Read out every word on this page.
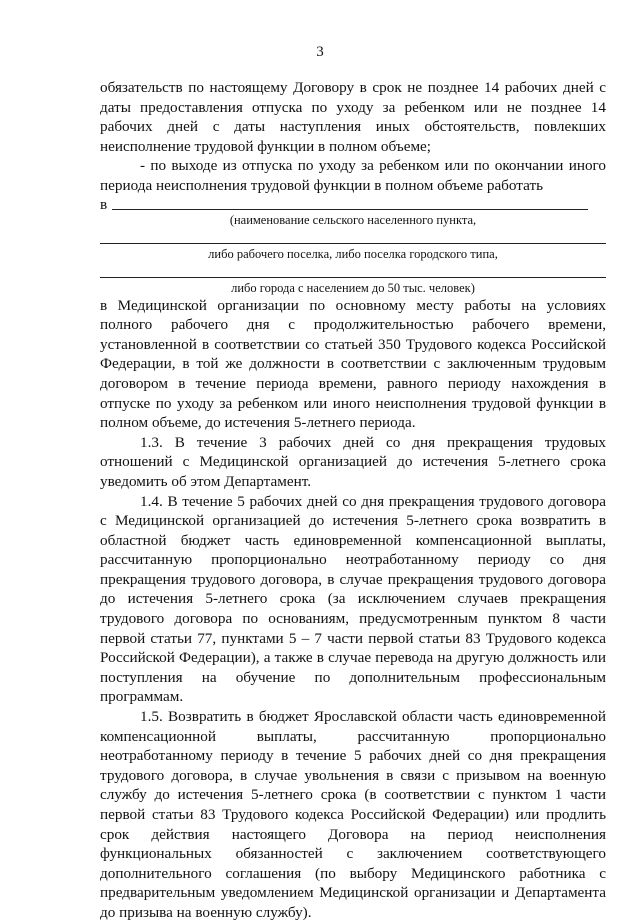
3

обязательств по настоящему Договору в срок не позднее 14 рабочих дней с даты предоставления отпуска по уходу за ребенком или не позднее 14 рабочих дней с даты наступления иных обстоятельств, повлекших неисполнение трудовой функции в полном объеме;

- по выходе из отпуска по уходу за ребенком или по окончании иного периода неисполнения трудовой функции в полном объеме работать

в
(наименование сельского населенного пункта,
либо рабочего поселка, либо поселка городского типа,
либо города с населением до 50 тыс. человек)

в Медицинской организации по основному месту работы на условиях полного рабочего дня с продолжительностью рабочего времени, установленной в соответствии со статьей 350 Трудового кодекса Российской Федерации, в той же должности в соответствии с заключенным трудовым договором в течение периода времени, равного периоду нахождения в отпуске по уходу за ребенком или иного неисполнения трудовой функции в полном объеме, до истечения 5-летнего периода.

1.3. В течение 3 рабочих дней со дня прекращения трудовых отношений с Медицинской организацией до истечения 5-летнего срока уведомить об этом Департамент.

1.4. В течение 5 рабочих дней со дня прекращения трудового договора с Медицинской организацией до истечения 5-летнего срока возвратить в областной бюджет часть единовременной компенсационной выплаты, рассчитанную пропорционально неотработанному периоду со дня прекращения трудового договора, в случае прекращения трудового договора до истечения 5-летнего срока (за исключением случаев прекращения трудового договора по основаниям, предусмотренным пунктом 8 части первой статьи 77, пунктами 5 – 7 части первой статьи 83 Трудового кодекса Российской Федерации), а также в случае перевода на другую должность или поступления на обучение по дополнительным профессиональным программам.

1.5. Возвратить в бюджет Ярославской области часть единовременной компенсационной выплаты, рассчитанную пропорционально неотработанному периоду в течение 5 рабочих дней со дня прекращения трудового договора, в случае увольнения в связи с призывом на военную службу до истечения 5-летнего срока (в соответствии с пунктом 1 части первой статьи 83 Трудового кодекса Российской Федерации) или продлить срок действия настоящего Договора на период неисполнения функциональных обязанностей с заключением соответствующего дополнительного соглашения (по выбору Медицинского работника с предварительным уведомлением Медицинской организации и Департамента до призыва на военную службу).
